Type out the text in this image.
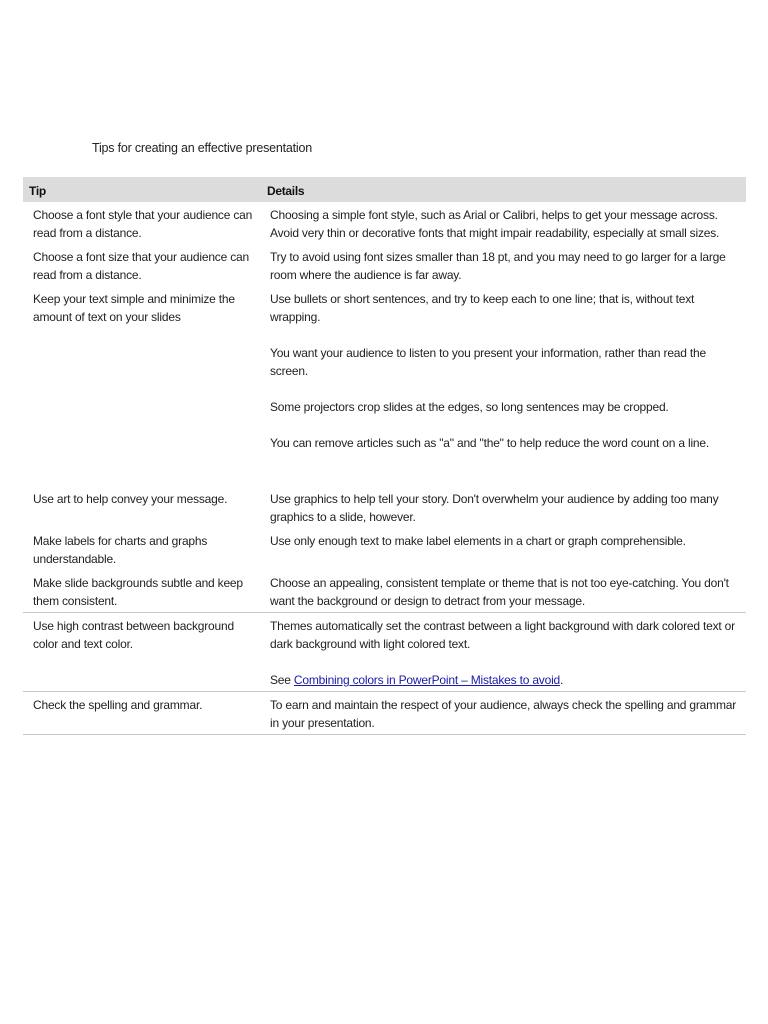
Tips for creating an effective presentation
Tip	Details
Choose a font style that your audience can read from a distance.	Choosing a simple font style, such as Arial or Calibri, helps to get your message across. Avoid very thin or decorative fonts that might impair readability, especially at small sizes.

Choose a font size that your audience can read from a distance.	Try to avoid using font sizes smaller than 18 pt, and you may need to go larger for a large room where the audience is far away.

Keep your text simple and minimize the amount of text on your slides	Use bullets or short sentences, and try to keep each to one line; that is, without text wrapping.
You want your audience to listen to you present your information, rather than read the screen.
Some projectors crop slides at the edges, so long sentences may be cropped.
You can remove articles such as "a" and "the" to help reduce the word count on a line.

Use art to help convey your message.	Use graphics to help tell your story. Don't overwhelm your audience by adding too many graphics to a slide, however.

Make labels for charts and graphs understandable.	Use only enough text to make label elements in a chart or graph comprehensible.

Make slide backgrounds subtle and keep them consistent.	Choose an appealing, consistent template or theme that is not too eye-catching. You don't want the background or design to detract from your message.

Use high contrast between background color and text color.	Themes automatically set the contrast between a light background with dark colored text or dark background with light colored text.
See Combining colors in PowerPoint – Mistakes to avoid.

Check the spelling and grammar.	To earn and maintain the respect of your audience, always check the spelling and grammar in your presentation.
